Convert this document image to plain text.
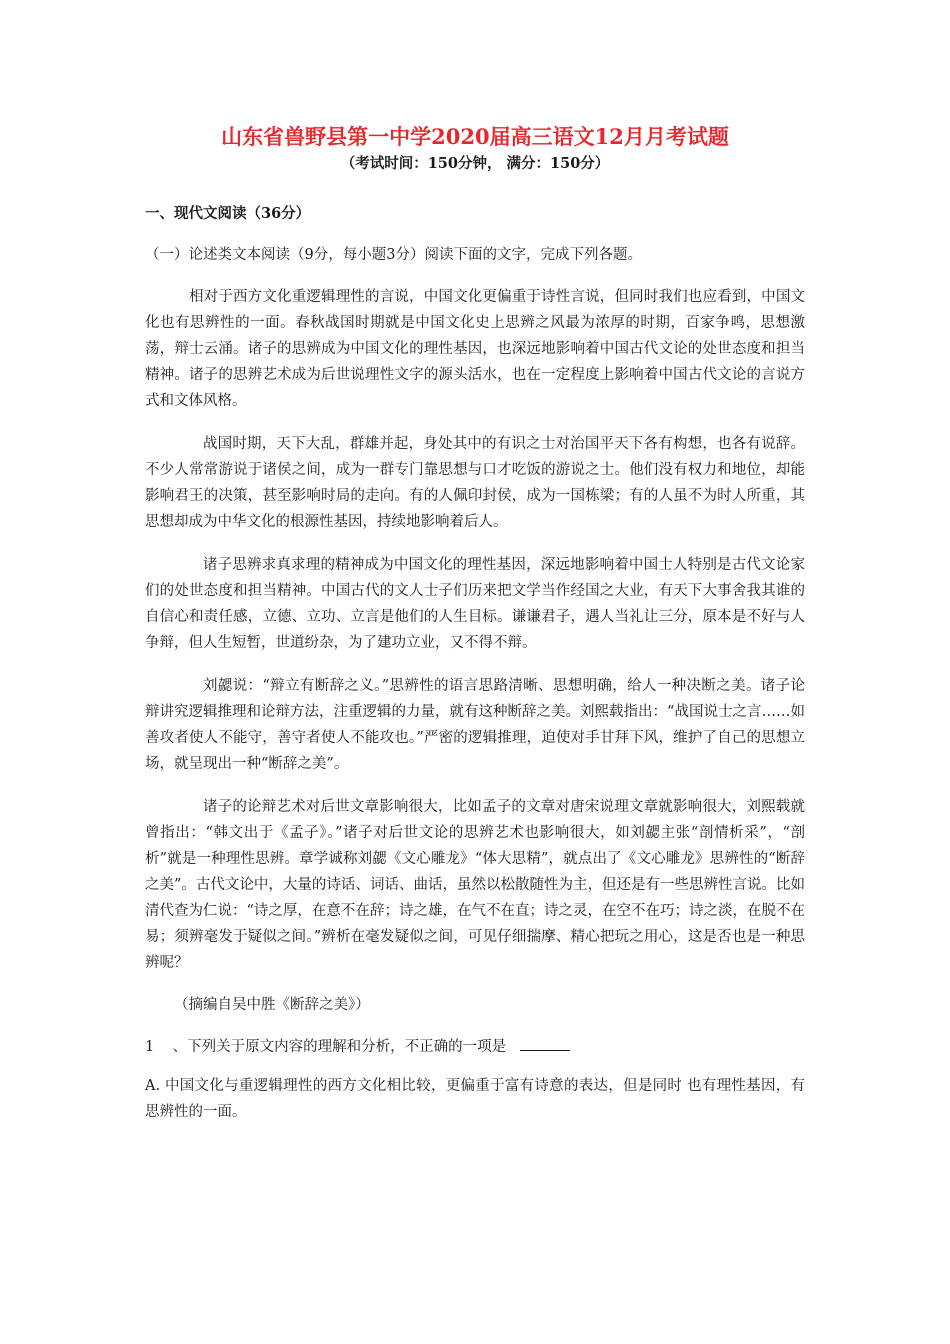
山东省兽野县第一中学2020届高三语文12月月考试题

（考试时间：150分钟， 满分：150分）

一、现代文阅读（36分）

（一）论述类文本阅读（9分，每小题3分）阅读下面的文字，完成下列各题。

相对于西方文化重逻辑理性的言说，中国文化更偏重于诗性言说，但同时我们也应看到，中国文化也有思辨性的一面。春秋战国时期就是中国文化史上思辨之风最为浓厚的时期，百家争鸣，思想激荡，辩士云涌。诸子的思辨成为中国文化的理性基因，也深远地影响着中国古代文论的处世态度和担当精神。诸子的思辨艺术成为后世说理性文字的源头活水，也在一定程度上影响着中国古代文论的言说方式和文体风格。

战国时期，天下大乱，群雄并起，身处其中的有识之士对治国平天下各有构想，也各有说辞。不少人常常游说于诸侯之间，成为一群专门靠思想与口才吃饭的游说之士。他们没有权力和地位，却能影响君王的决策，甚至影响时局的走向。有的人佩印封侯，成为一国栋梁；有的人虽不为时人所重，其思想却成为中华文化的根源性基因，持续地影响着后人。

诸子思辨求真求理的精神成为中国文化的理性基因，深远地影响着中国士人特别是古代文论家们的处世态度和担当精神。中国古代的文人士子们历来把文学当作经国之大业，有天下大事舍我其谁的自信心和责任感，立德、立功、立言是他们的人生目标。谦谦君子，遇人当礼让三分，原本是不好与人争辩，但人生短暂，世道纷杂，为了建功立业，又不得不辩。

刘勰说：“辩立有断辞之义。”思辨性的语言思路清晰、思想明确，给人一种决断之美。诸子论辩讲究逻辑推理和论辩方法，注重逻辑的力量，就有这种断辞之美。刘熙载指出：“战国说士之言……如善攻者使人不能守，善守者使人不能攻也。”严密的逻辑推理，迫使对手甘拜下风，维护了自己的思想立场，就呈现出一种“断辞之美”。

诸子的论辩艺术对后世文章影响很大，比如孟子的文章对唐宋说理文章就影响很大，刘熙载就曾指出：“韩文出于《孟子》。”诸子对后世文论的思辨艺术也影响很大，如刘勰主张“剖情析采”，“剖析”就是一种理性思辨。章学诚称刘勰《文心雕龙》“体大思精”，就点出了《文心雕龙》思辨性的“断辞之美”。古代文论中，大量的诗话、词话、曲话，虽然以松散随性为主，但还是有一些思辨性言说。比如清代查为仁说：“诗之厚，在意不在辞；诗之雄，在气不在直；诗之灵，在空不在巧；诗之淡，在脱不在易；须辨毫发于疑似之间。”辨析在毫发疑似之间，可见仔细揣摩、精心把玩之用心，这是否也是一种思辨呢？

（摘编自吴中胜《断辞之美》）

1 、下列关于原文内容的理解和分析，不正确的一项是

A. 中国文化与重逻辑理性的西方文化相比较，更偏重于富有诗意的表达，但是同时 也有理性基因，有思辨性的一面。
